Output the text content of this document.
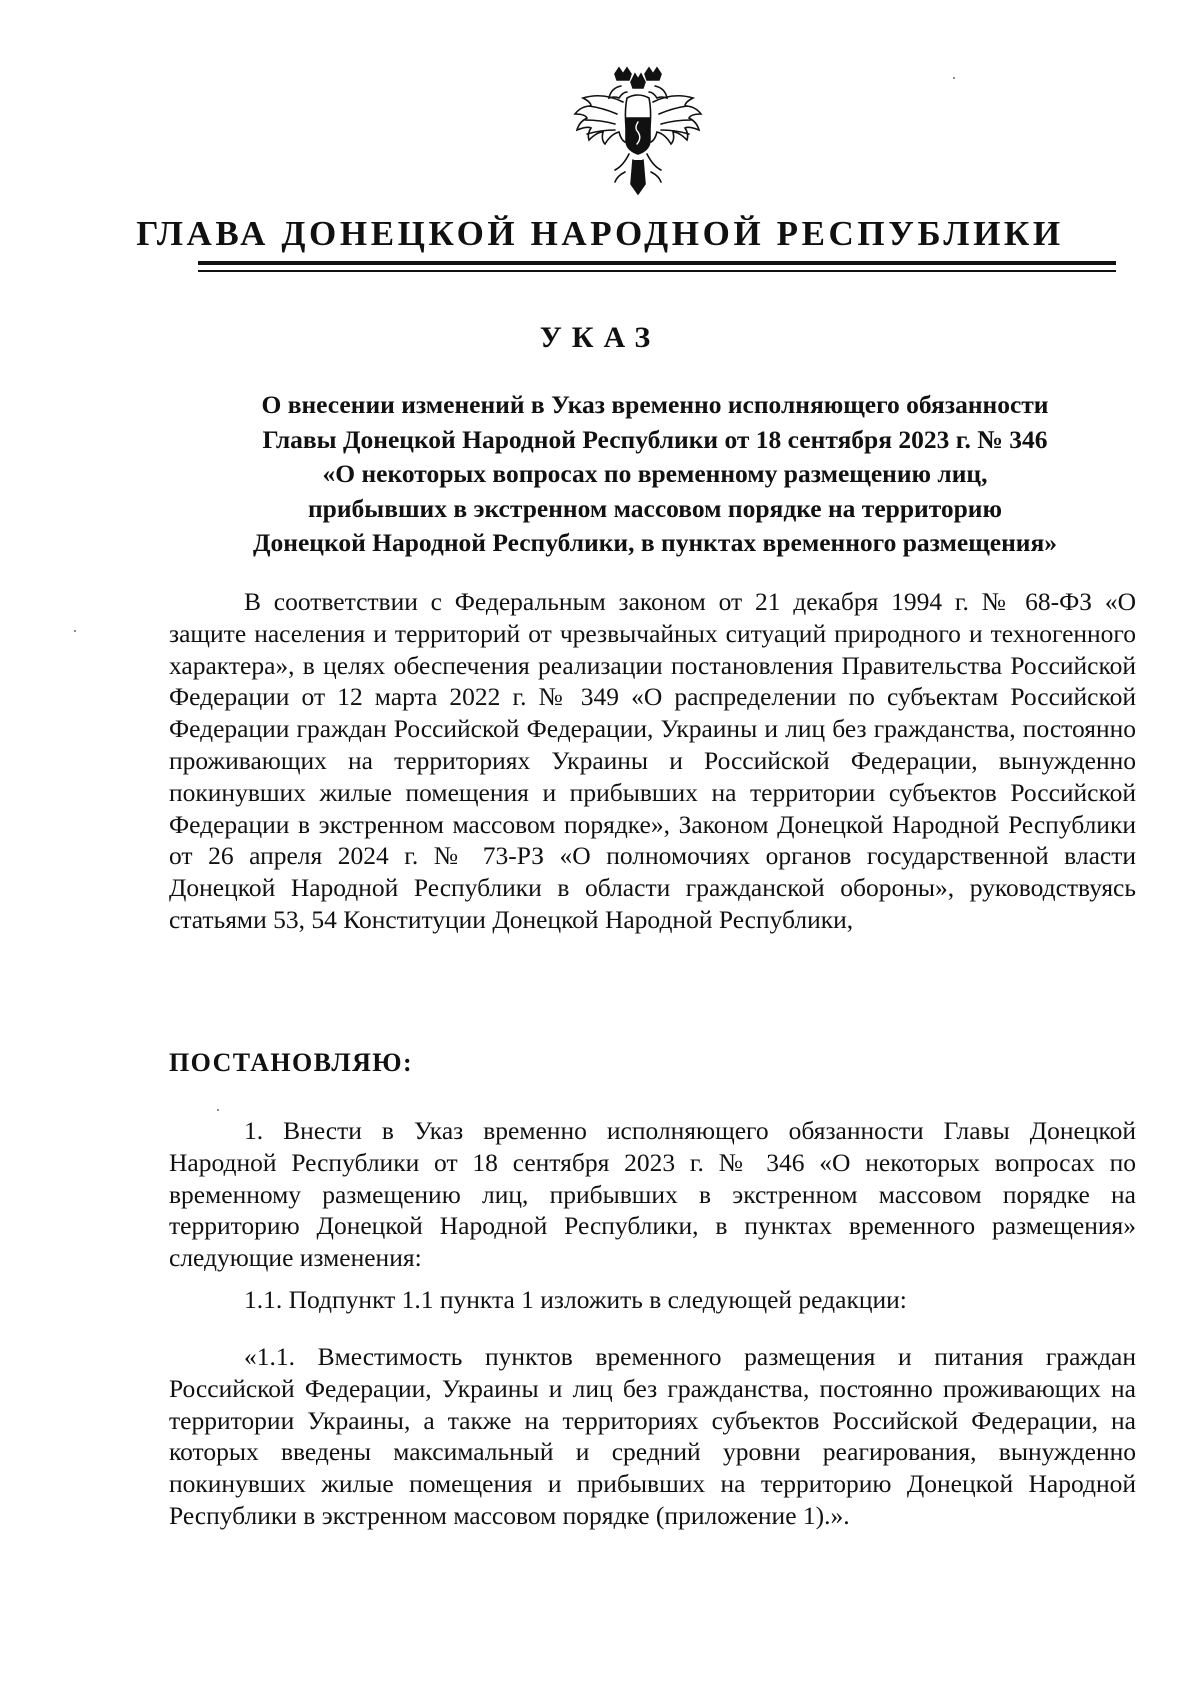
ГЛАВА ДОНЕЦКОЙ НАРОДНОЙ РЕСПУБЛИКИ
УКАЗ
О внесении изменений в Указ временно исполняющего обязанности
Главы Донецкой Народной Республики от 18 сентября 2023 г. № 346
«О некоторых вопросах по временному размещению лиц,
прибывших в экстренном массовом порядке на территорию
Донецкой Народной Республики, в пунктах временного размещения»
В соответствии с Федеральным законом от 21 декабря 1994 г. № 68-ФЗ «О защите населения и территорий от чрезвычайных ситуаций природного и техногенного характера», в целях обеспечения реализации постановления Правительства Российской Федерации от 12 марта 2022 г. № 349 «О распределении по субъектам Российской Федерации граждан Российской Федерации, Украины и лиц без гражданства, постоянно проживающих на территориях Украины и Российской Федерации, вынужденно покинувших жилые помещения и прибывших на территории субъектов Российской Федерации в экстренном массовом порядке», Законом Донецкой Народной Республики от 26 апреля 2024 г. № 73-РЗ «О полномочиях органов государственной власти Донецкой Народной Республики в области гражданской обороны», руководствуясь статьями 53, 54 Конституции Донецкой Народной Республики,
ПОСТАНОВЛЯЮ:
1. Внести в Указ временно исполняющего обязанности Главы Донецкой Народной Республики от 18 сентября 2023 г. № 346 «О некоторых вопросах по временному размещению лиц, прибывших в экстренном массовом порядке на территорию Донецкой Народной Республики, в пунктах временного размещения» следующие изменения:
1.1. Подпункт 1.1 пункта 1 изложить в следующей редакции:
«1.1. Вместимость пунктов временного размещения и питания граждан Российской Федерации, Украины и лиц без гражданства, постоянно проживающих на территории Украины, а также на территориях субъектов Российской Федерации, на которых введены максимальный и средний уровни реагирования, вынужденно покинувших жилые помещения и прибывших на территорию Донецкой Народной Республики в экстренном массовом порядке (приложение 1).».
